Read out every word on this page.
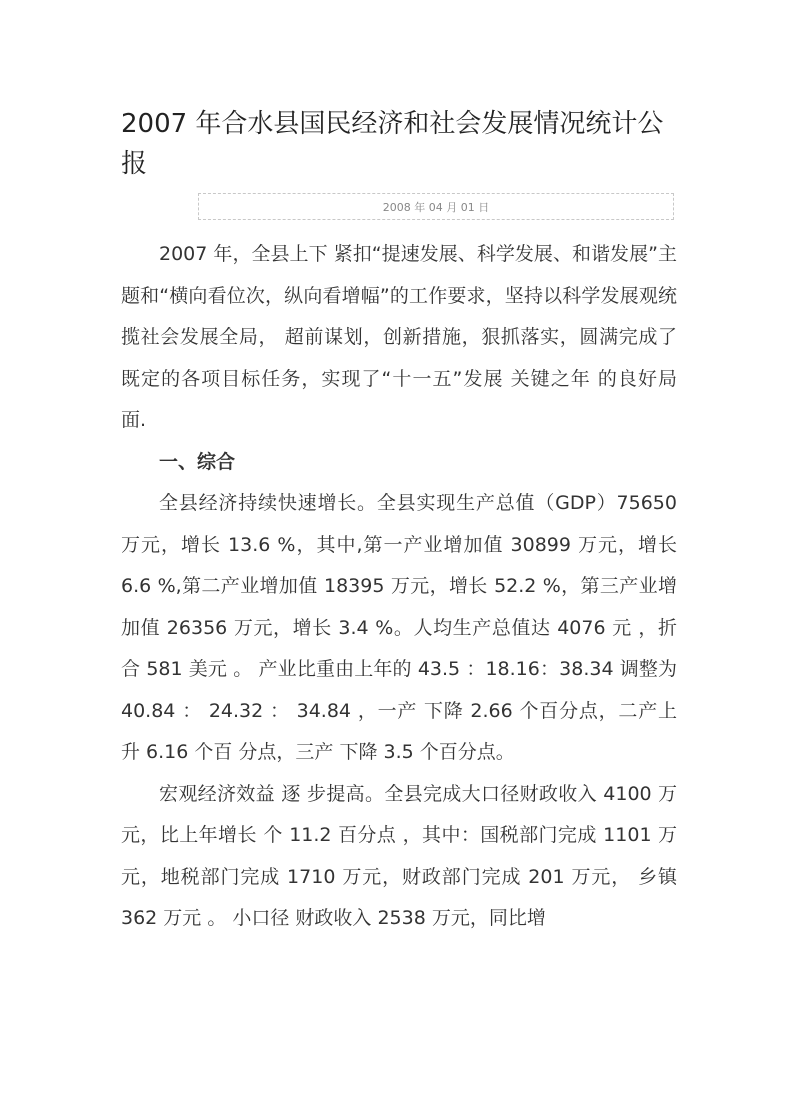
2007 年合水县国民经济和社会发展情况统计公报
2008 年 04 月 01 日

2007 年，全县上下 紧扣“提速发展、科学发展、和谐发展”主题和“横向看位次，纵向看增幅”的工作要求，坚持以科学发展观统揽社会发展全局， 超前谋划，创新措施，狠抓落实，圆满完成了既定的各项目标任务，实现了“十一五”发展 关键之年 的良好局 面.

一、综合

全县经济持续快速增长。全县实现生产总值（GDP）75650 万元，增长 13.6 %，其中,第一产业增加值 30899 万元，增长 6.6 %,第二产业增加值 18395 万元，增长 52.2 %，第三产业增加值 26356 万元，增长 3.4 %。人均生产总值达 4076 元 ，折合 581 美元 。 产业比重由上年的 43.5 ：18.16：38.34 调整为 40.84 ： 24.32 ： 34.84 ，一产 下降 2.66 个百分点，二产上升 6.16 个百 分点，三产 下降 3.5 个百分点。

宏观经济效益 逐 步提高。全县完成大口径财政收入 4100 万元，比上年增长 个 11.2 百分点 ，其中：国税部门完成 1101 万元，地税部门完成 1710 万元，财政部门完成 201 万元， 乡镇 362 万元 。 小口径 财政收入 2538 万元，同比增
